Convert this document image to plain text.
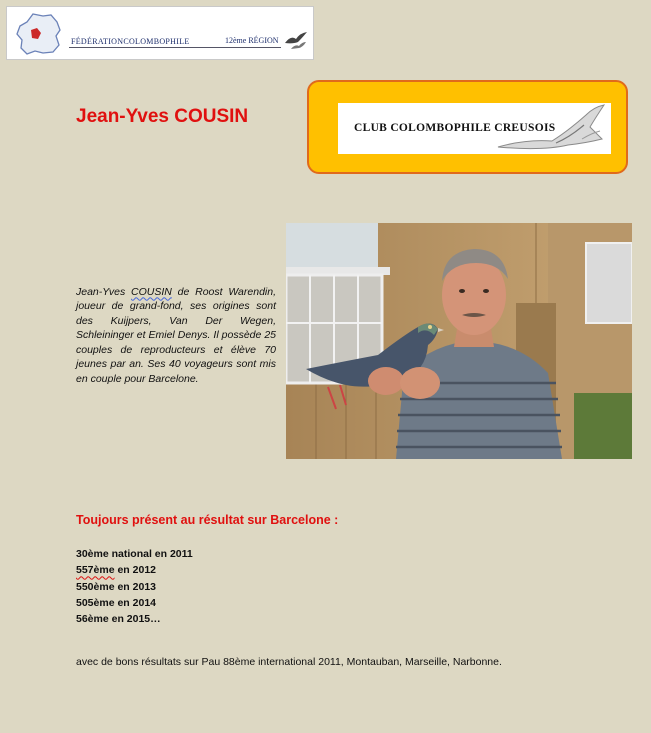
FÉDÉRATIONCOLOMBOPHILE	12ème RÉGION
Jean-Yves COUSIN
CLUB COLOMBOPHILE CREUSOIS

Jean-Yves COUSIN de Roost Warendin, joueur de grand-fond, ses origines sont des Kuijpers, Van Der Wegen, Schleininger et Emiel Denys. Il possède 25 couples de reproducteurs et élève 70 jeunes par an. Ses 40 voyageurs sont mis en couple pour Barcelone.

Toujours présent au résultat sur Barcelone :
30ème national en 2011
557ème en 2012
550ème en 2013
505ème en 2014
56ème en 2015…

avec de bons résultats sur Pau 88ème international 2011, Montauban, Marseille, Narbonne.
